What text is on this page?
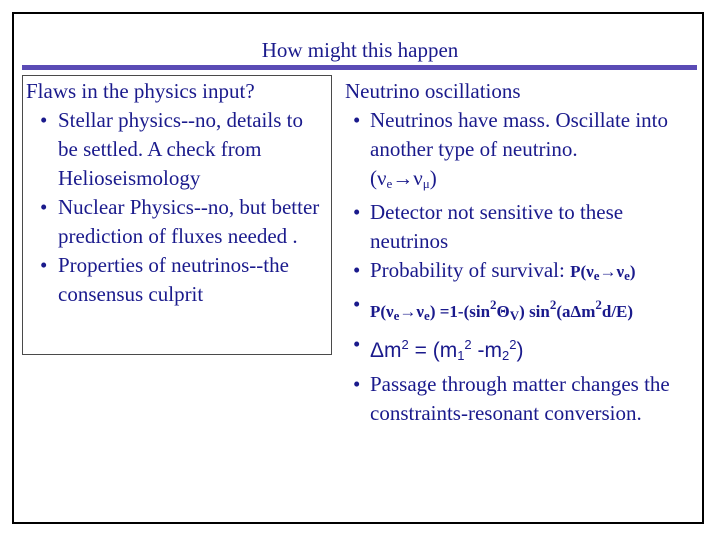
How might this happen
Flaws in the physics input?
• Stellar physics--no, details to be settled. A check from Helioseismology
• Nuclear Physics--no, but better prediction of fluxes needed .
• Properties of neutrinos--the consensus culprit
Neutrino oscillations
• Neutrinos have mass. Oscillate into another type of neutrino.
$(\nu_e\to\nu_\mu)$
• Detector not sensitive to these neutrinos
• Probability of survival: $P(\nu_e\to\nu_e)$
• $P(\nu_e\to\nu_e) =1-(\sin^2\Theta_V)$ $\sin^2(a\Delta m^2d/E)$
• $\Delta m^2 = (m_1^2$ $-m_2^2$)
• Passage through matter changes the constraints-resonant conversion.
